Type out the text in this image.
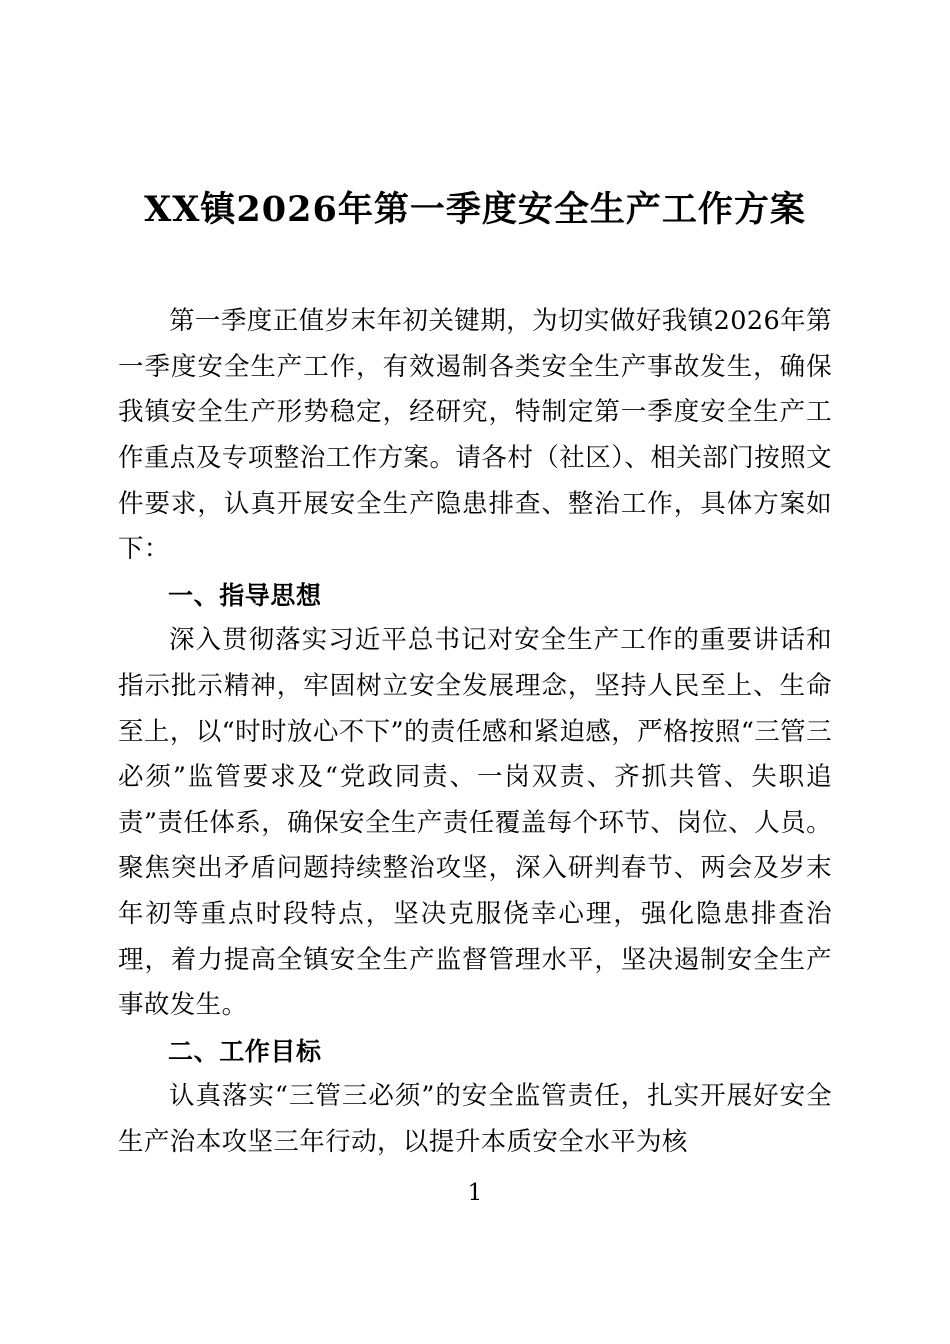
XX镇2026年第一季度安全生产工作方案

第一季度正值岁末年初关键期，为切实做好我镇2026年第一季度安全生产工作，有效遏制各类安全生产事故发生，确保我镇安全生产形势稳定，经研究，特制定第一季度安全生产工作重点及专项整治工作方案。请各村（社区）、相关部门按照文件要求，认真开展安全生产隐患排查、整治工作，具体方案如下：

一、指导思想

深入贯彻落实习近平总书记对安全生产工作的重要讲话和指示批示精神，牢固树立安全发展理念，坚持人民至上、生命至上，以“时时放心不下”的责任感和紧迫感，严格按照“三管三必须”监管要求及“党政同责、一岗双责、齐抓共管、失职追责”责任体系，确保安全生产责任覆盖每个环节、岗位、人员。聚焦突出矛盾问题持续整治攻坚，深入研判春节、两会及岁末年初等重点时段特点，坚决克服侥幸心理，强化隐患排查治理，着力提高全镇安全生产监督管理水平，坚决遏制安全生产事故发生。

二、工作目标

认真落实“三管三必须”的安全监管责任，扎实开展好安全生产治本攻坚三年行动，以提升本质安全水平为核

1
